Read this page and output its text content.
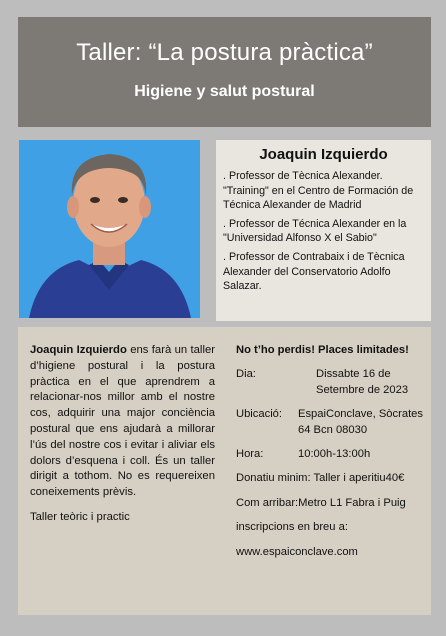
Taller: “La postura pràctica”
Higiene y salut postural
Joaquin Izquierdo

. Professor de Tècnica Alexander. "Training" en el Centro de Formación de Técnica Alexander de Madrid

. Professor de Técnica Alexander en la "Universidad Alfonso X el Sabio"

. Professor de Contrabaix i de Tècnica Alexander del Conservatorio Adolfo Salazar.

Joaquin Izquierdo ens farà un taller d’higiene postural i la postura pràctica en el que aprendrem a relacionar-nos millor amb el nostre cos, adquirir una major conciència postural que ens ajudarà a millorar l’ús del nostre cos i evitar i aliviar els dolors d’esquena i coll. És un taller dirigit a tothom. No es requereixen coneixements prèvis.
Taller teòric i practic
No t’ho perdis! Places limitades!
Dia:	Dissabte 16 de Setembre de 2023
Ubicació:	EspaiConclave, Sòcrates 64 Bcn 08030
Hora:	10:00h-13:00h
Donatiu minim: Taller i aperitiu40€
Com arribar:Metro L1 Fabra i Puig
inscripcions en breu a:
www.espaiconclave.com
